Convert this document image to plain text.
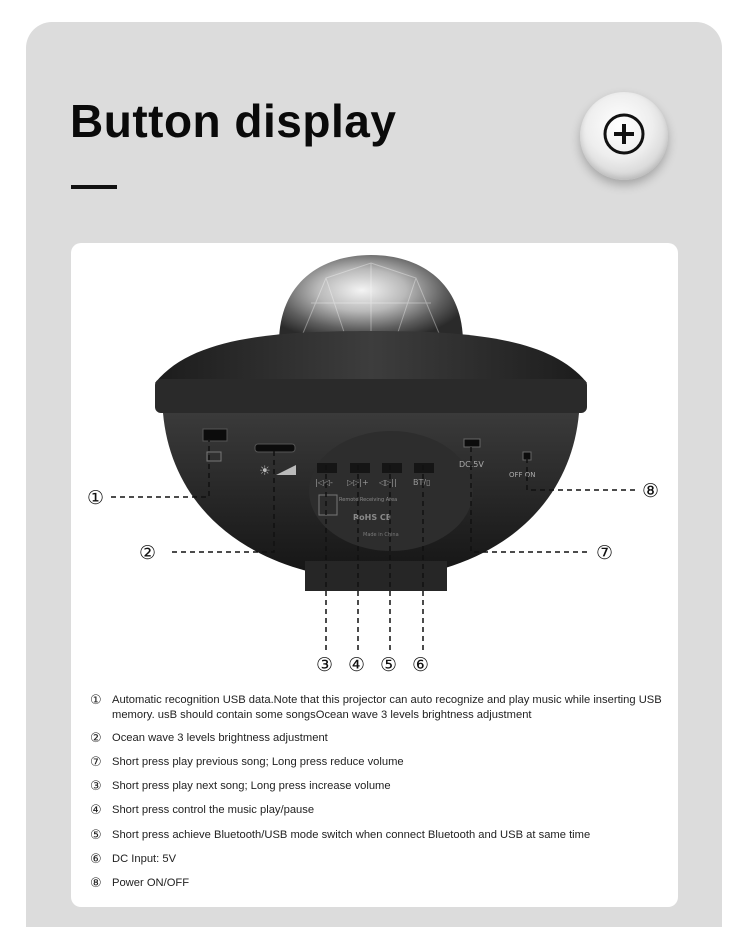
Button display
☀
|◁◁- ▷▷|+ ◁▷|| BT/▯
Remote Receiving Area
RoHS CE
Made in China
DC.5V
OFF ON
①
②
③ ④ ⑤ ⑥
⑦
⑧
① Automatic recognition USB data.Note that this projector can auto recognize and play music while inserting USB memory. usB should contain some songsOcean wave 3 levels brightness adjustment
② Ocean wave 3 levels brightness adjustment
⑦ Short press play previous song; Long press reduce volume
③ Short press play next song; Long press increase volume
④ Short press control the music play/pause
⑤ Short press achieve Bluetooth/USB mode switch when connect Bluetooth and USB at same time
⑥ DC Input: 5V
⑧ Power ON/OFF
